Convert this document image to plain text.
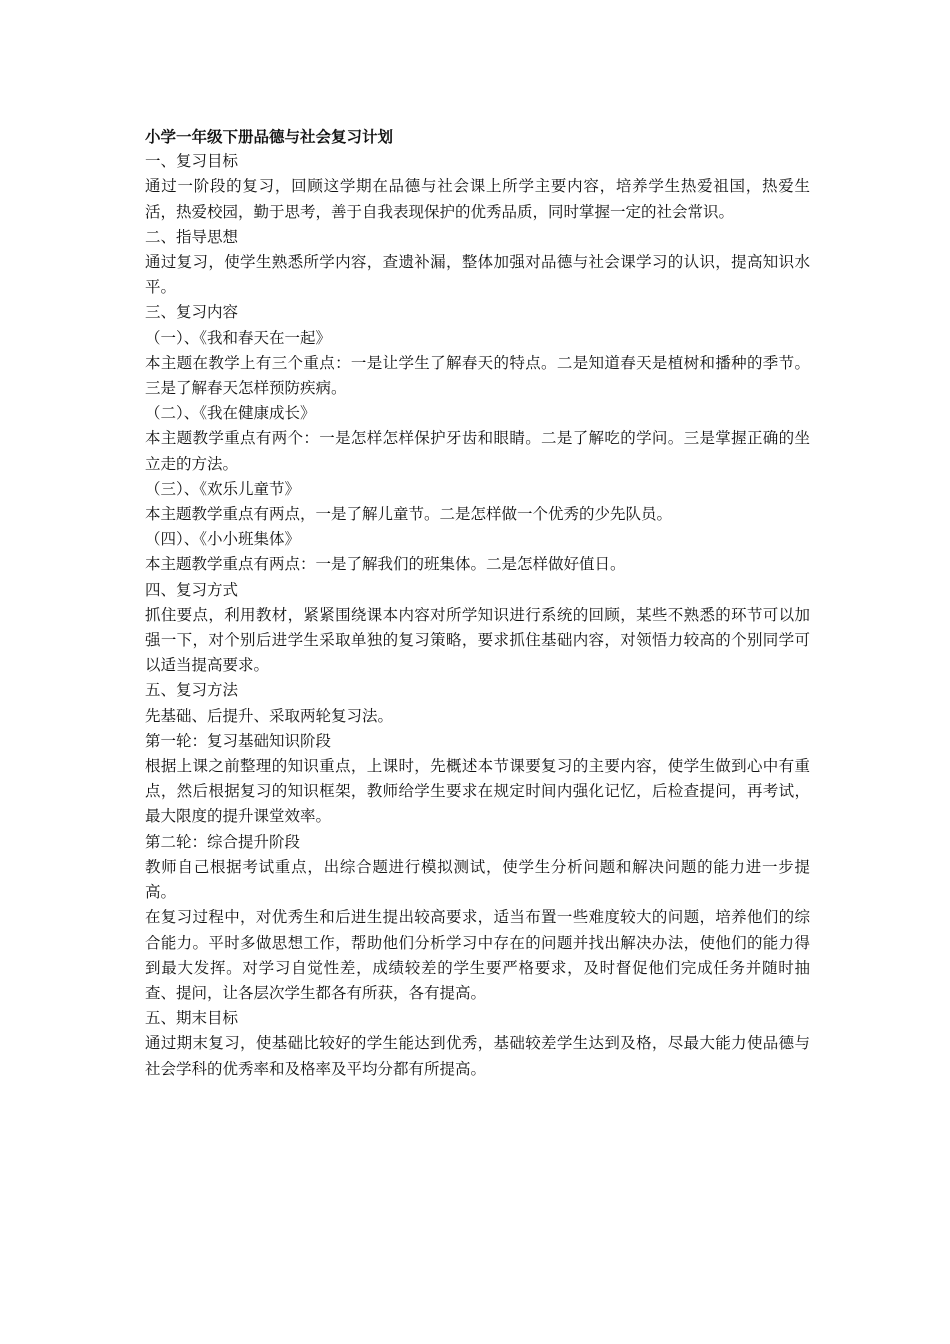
小学一年级下册品德与社会复习计划

一、复习目标

通过一阶段的复习，回顾这学期在品德与社会课上所学主要内容，培养学生热爱祖国，热爱生活，热爱校园，勤于思考，善于自我表现保护的优秀品质，同时掌握一定的社会常识。

二、指导思想

通过复习，使学生熟悉所学内容，查遗补漏，整体加强对品德与社会课学习的认识，提高知识水平。

三、复习内容

（一）、《我和春天在一起》

本主题在教学上有三个重点：一是让学生了解春天的特点。二是知道春天是植树和播种的季节。三是了解春天怎样预防疾病。

（二）、《我在健康成长》

本主题教学重点有两个：一是怎样怎样保护牙齿和眼睛。二是了解吃的学问。三是掌握正确的坐立走的方法。

（三）、《欢乐儿童节》

本主题教学重点有两点，一是了解儿童节。二是怎样做一个优秀的少先队员。

（四）、《小小班集体》

本主题教学重点有两点：一是了解我们的班集体。二是怎样做好值日。

四、复习方式

抓住要点，利用教材，紧紧围绕课本内容对所学知识进行系统的回顾，某些不熟悉的环节可以加强一下，对个别后进学生采取单独的复习策略，要求抓住基础内容，对领悟力较高的个别同学可以适当提高要求。

五、复习方法

先基础、后提升、采取两轮复习法。

第一轮：复习基础知识阶段

根据上课之前整理的知识重点，上课时，先概述本节课要复习的主要内容，使学生做到心中有重点，然后根据复习的知识框架，教师给学生要求在规定时间内强化记忆，后检查提问，再考试，最大限度的提升课堂效率。

第二轮：综合提升阶段

教师自己根据考试重点，出综合题进行模拟测试，使学生分析问题和解决问题的能力进一步提高。

在复习过程中，对优秀生和后进生提出较高要求，适当布置一些难度较大的问题，培养他们的综合能力。平时多做思想工作，帮助他们分析学习中存在的问题并找出解决办法，使他们的能力得到最大发挥。对学习自觉性差，成绩较差的学生要严格要求，及时督促他们完成任务并随时抽查、提问，让各层次学生都各有所获，各有提高。

五、期末目标

通过期末复习，使基础比较好的学生能达到优秀，基础较差学生达到及格，尽最大能力使品德与社会学科的优秀率和及格率及平均分都有所提高。
